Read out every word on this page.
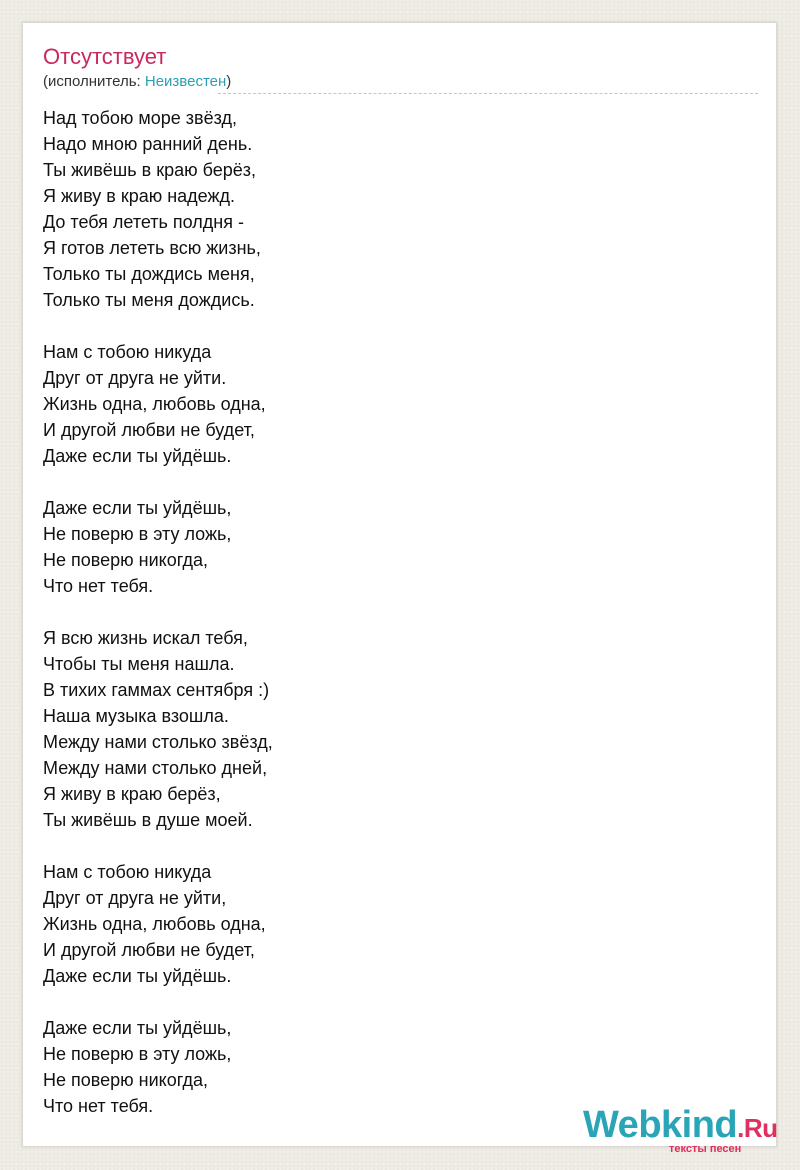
Отсутствует
(исполнитель: Неизвестен)
Над тобою море звёзд,
Надо мною ранний день.
Ты живёшь в краю берёз,
Я живу в краю надежд.
До тебя лететь полдня -
Я готов лететь всю жизнь,
Только ты дождись меня,
Только ты меня дождись.
Нам с тобою никуда
Друг от друга не уйти.
Жизнь одна, любовь одна,
И другой любви не будет,
Даже если ты уйдёшь.
Даже если ты уйдёшь,
Не поверю в эту ложь,
Не поверю никогда,
Что нет тебя.
Я всю жизнь искал тебя,
Чтобы ты меня нашла.
В тихих гаммах сентября :)
Наша музыка взошла.
Между нами столько звёзд,
Между нами столько дней,
Я живу в краю берёз,
Ты живёшь в душе моей.
Нам с тобою никуда
Друг от друга не уйти,
Жизнь одна, любовь одна,
И другой любви не будет,
Даже если ты уйдёшь.
Даже если ты уйдёшь,
Не поверю в эту ложь,
Не поверю никогда,
Что нет тебя.	Webkind.Ru
тексты песен
